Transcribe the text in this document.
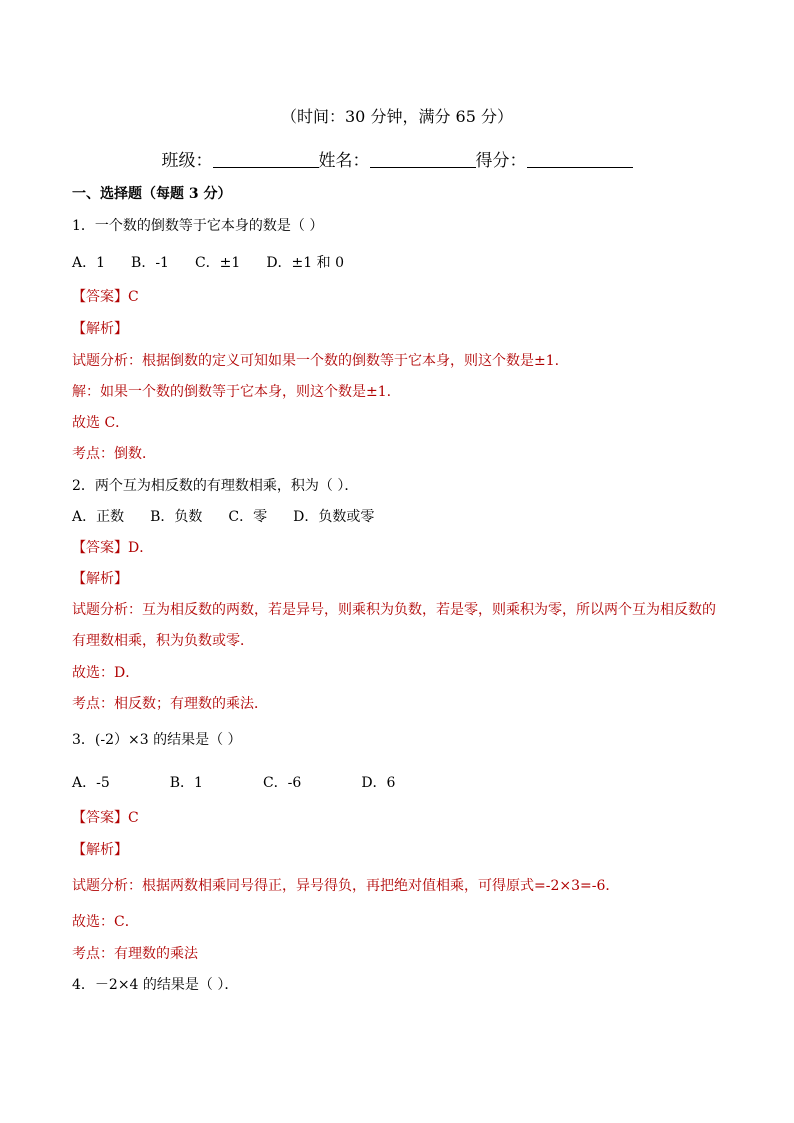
（时间：30 分钟，满分 65 分）
班级：	姓名：	得分：
一、选择题（每题 3 分）
1．一个数的倒数等于它本身的数是（ ）
A．1 B．-1 C．±1 D．±1 和 0
【答案】C
【解析】
试题分析：根据倒数的定义可知如果一个数的倒数等于它本身，则这个数是±1.
解：如果一个数的倒数等于它本身，则这个数是±1.
故选 C．
考点：倒数．
2．两个互为相反数的有理数相乘，积为（ ）．
A．正数 B．负数 C．零 D．负数或零
【答案】D．
【解析】
试题分析：互为相反数的两数，若是异号，则乘积为负数，若是零，则乘积为零，所以两个互为相反数的有理数相乘，积为负数或零．
故选：D．
考点：相反数；有理数的乘法．
3．(-2）×3 的结果是（ ）
A．-5	B．1	C．-6	D．6
【答案】C
【解析】
试题分析：根据两数相乘同号得正，异号得负，再把绝对值相乘，可得原式=-2×3=-6．
故选：C．
考点：有理数的乘法
4．－2×4 的结果是（ ）．
